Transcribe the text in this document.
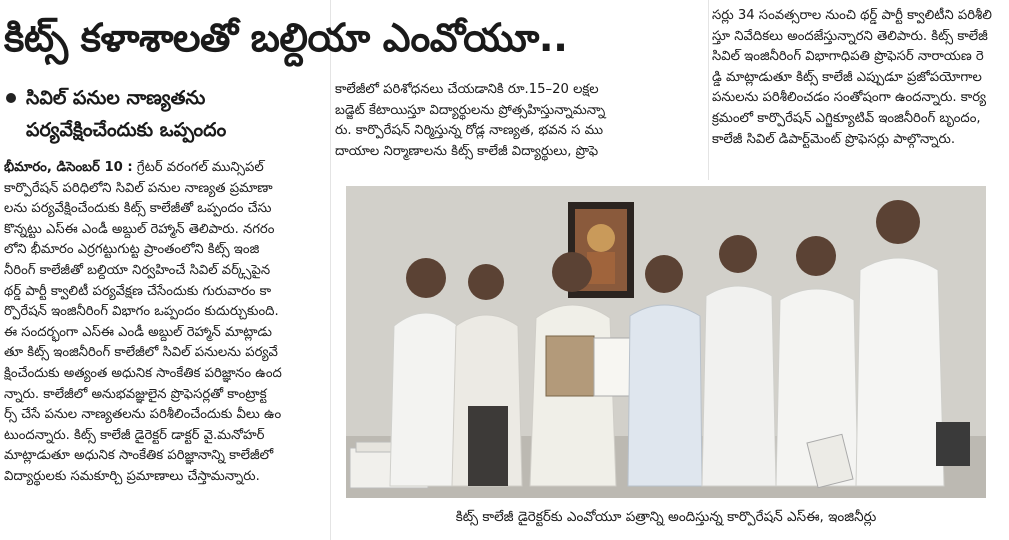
కిట్స్ కళాశాలతో బల్దియా ఎంవోయూ..
సివిల్ పనుల నాణ్యతను
పర్యవేక్షించేందుకు ఒప్పందం
భీమారం, డిసెంబర్ 10 : గ్రేటర్ వరంగల్ మున్సిపల్
కార్పొరేషన్ పరిధిలోని సివిల్ పనుల నాణ్యత ప్రమాణా
లను పర్యవేక్షించేందుకు కిట్స్ కాలేజీతో ఒప్పందం చేసు
కొన్నట్టు ఎస్ఈ ఎండీ అబ్దుల్ రెహ్మాన్ తెలిపారు. నగరం
లోని భీమారం ఎర్రగట్టుగుట్ట ప్రాంతంలోని కిట్స్ ఇంజి
నీరింగ్ కాలేజీతో బల్దియా నిర్వహించే సివిల్ వర్క్స్‌పైన
థర్డ్ పార్టీ క్వాలిటీ పర్యవేక్షణ చేసేందుకు గురువారం కా
ర్పొరేషన్ ఇంజినీరింగ్ విభాగం ఒప్పందం కుదుర్చుకుంది.
ఈ సందర్భంగా ఎస్ఈ ఎండీ అబ్దుల్ రెహ్మాన్ మాట్లాడు
తూ కిట్స్ ఇంజినీరింగ్ కాలేజీలో సివిల్ పనులను పర్యవే
క్షించేందుకు అత్యంత అధునిక సాంకేతిక పరిజ్ఞానం ఉంద
న్నారు. కాలేజీలో అనుభవజ్ఞులైన ప్రొఫెసర్లతో కాంట్రాక్ట
ర్స్ చేసే పనుల నాణ్యతలను పరిశీలించేందుకు వీలు ఉం
టుందన్నారు. కిట్స్ కాలేజీ డైరెక్టర్ డాక్టర్ వై.మనోహర్
మాట్లాడుతూ అధునిక సాంకేతిక పరిజ్ఞానాన్ని కాలేజీలో
విద్యార్థులకు సమకూర్చి ప్రమాణాలు చేస్తామన్నారు.
కాలేజీలో పరిశోధనలు చేయడానికి రూ.15–20 లక్షల
బడ్జెట్ కేటాయిస్తూ విద్యార్థులను ప్రోత్సహిస్తున్నామన్నా
రు. కార్పొరేషన్ నిర్మిస్తున్న రోడ్ల నాణ్యత, భవన స ము
దాయాల నిర్మాణాలను కిట్స్ కాలేజీ విద్యార్థులు, ప్రొఫె
సర్లు 34 సంవత్సరాల నుంచి థర్డ్ పార్టీ క్వాలిటీని పరిశీలి
స్తూ నివేదికలు అందజేస్తున్నారని తెలిపారు. కిట్స్ కాలేజీ
సివిల్ ఇంజినీరింగ్ విభాగాధిపతి ప్రొఫెసర్ నారాయణ రె
డ్డి మాట్లాడుతూ కిట్స్ కాలేజీ ఎప్పుడూ ప్రజోపయోగాల
పనులను పరిశీలించడం సంతోషంగా ఉందన్నారు. కార్య
క్రమంలో కార్పొరేషన్ ఎగ్జిక్యూటివ్ ఇంజినీరింగ్ బృందం,
కాలేజీ సివిల్ డిపార్ట్‌మెంట్ ప్రొఫెసర్లు పాల్గొన్నారు.
కిట్స్ కాలేజీ డైరెక్టర్‌కు ఎంవోయూ పత్రాన్ని అందిస్తున్న కార్పొరేషన్ ఎస్ఈ, ఇంజినీర్లు
